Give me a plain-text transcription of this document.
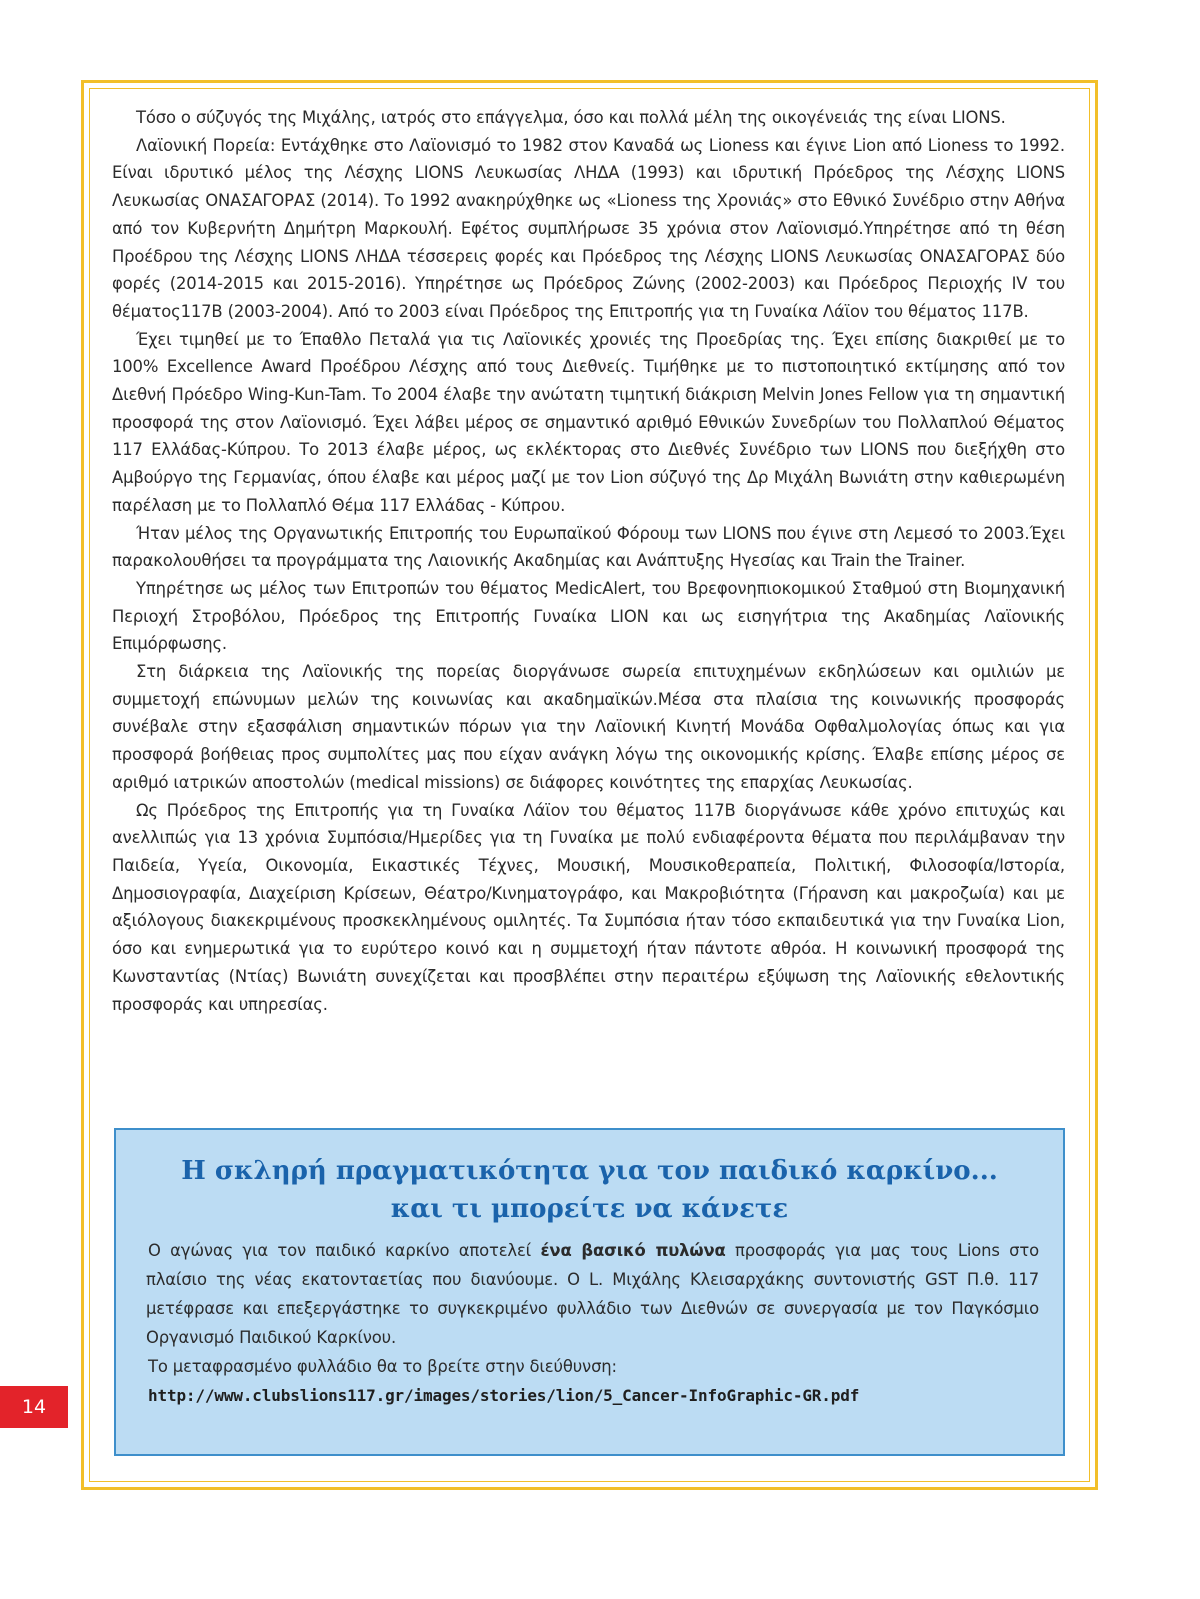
Τόσο ο σύζυγός της Μιχάλης, ιατρός στο επάγγελμα, όσο και πολλά μέλη της οικογένειάς της είναι LIONS.

Λαϊονική Πορεία: Εντάχθηκε στο Λαϊονισμό το 1982 στον Καναδά ως Lioness και έγινε Lion από Lioness το 1992. Είναι ιδρυτικό μέλος της Λέσχης LIONS Λευκωσίας ΛΗΔΑ (1993) και ιδρυτική Πρόεδρος της Λέσχης LIONS Λευκωσίας ΟΝΑΣΑΓΟΡΑΣ (2014). Το 1992 ανακηρύχθηκε ως «Lioness της Χρονιάς» στο Εθνικό Συνέδριο στην Αθήνα από τον Κυβερνήτη Δημήτρη Μαρκουλή. Εφέτος συμπλήρωσε 35 χρόνια στον Λαϊονισμό.Υπηρέτησε από τη θέση Προέδρου της Λέσχης LIONS ΛΗΔΑ τέσσερεις φορές και Πρόεδρος της Λέσχης LIONS Λευκωσίας ΟΝΑΣΑΓΟΡΑΣ δύο φορές (2014-2015 και 2015-2016). Υπηρέτησε ως Πρόεδρος Ζώνης (2002-2003) και Πρόεδρος Περιοχής IV του θέματος117Β (2003-2004). Από το 2003 είναι Πρόεδρος της Επιτροπής για τη Γυναίκα Λάϊον του θέματος 117Β.

Έχει τιμηθεί με το Έπαθλο Πεταλά για τις Λαϊονικές χρονιές της Προεδρίας της. Έχει επίσης διακριθεί με το 100% Excellence Award Προέδρου Λέσχης από τους Διεθνείς. Τιμήθηκε με το πιστοποιητικό εκτίμησης από τον Διεθνή Πρόεδρο Wing-Kun-Tam. Το 2004 έλαβε την ανώτατη τιμητική διάκριση Melvin Jones Fellow για τη σημαντική προσφορά της στον Λαϊονισμό. Έχει λάβει μέρος σε σημαντικό αριθμό Εθνικών Συνεδρίων του Πολλαπλού Θέματος 117 Ελλάδας-Κύπρου. Το 2013 έλαβε μέρος, ως εκλέκτορας στο Διεθνές Συνέδριο των LIONS που διεξήχθη στο Αμβούργο της Γερμανίας, όπου έλαβε και μέρος μαζί με τον Lion σύζυγό της Δρ Μιχάλη Βωνιάτη στην καθιερωμένη παρέλαση με το Πολλαπλό Θέμα 117 Ελλάδας - Κύπρου.

Ήταν μέλος της Οργανωτικής Επιτροπής του Ευρωπαϊκού Φόρουμ των LIONS που έγινε στη Λεμεσό το 2003.Έχει παρακολουθήσει τα προγράμματα της Λαιονικής Ακαδημίας και Ανάπτυξης Ηγεσίας και Train the Trainer.

Υπηρέτησε ως μέλος των Επιτροπών του θέματος MedicAlert, του Βρεφονηπιοκομικού Σταθμού στη Βιομηχανική Περιοχή Στροβόλου, Πρόεδρος της Επιτροπής Γυναίκα LION και ως εισηγήτρια της Ακαδημίας Λαϊονικής Επιμόρφωσης.

Στη διάρκεια της Λαϊονικής της πορείας διοργάνωσε σωρεία επιτυχημένων εκδηλώσεων και ομιλιών με συμμετοχή επώνυμων μελών της κοινωνίας και ακαδημαϊκών.Μέσα στα πλαίσια της κοινωνικής προσφοράς συνέβαλε στην εξασφάλιση σημαντικών πόρων για την Λαϊονική Κινητή Μονάδα Οφθαλμολογίας όπως και για προσφορά βοήθειας προς συμπολίτες μας που είχαν ανάγκη λόγω της οικονομικής κρίσης. Έλαβε επίσης μέρος σε αριθμό ιατρικών αποστολών (medical missions) σε διάφορες κοινότητες της επαρχίας Λευκωσίας.

Ως Πρόεδρος της Επιτροπής για τη Γυναίκα Λάϊον του θέματος 117Β διοργάνωσε κάθε χρόνο επιτυχώς και ανελλιπώς για 13 χρόνια Συμπόσια/Ημερίδες για τη Γυναίκα με πολύ ενδιαφέροντα θέματα που περιλάμβαναν την Παιδεία, Υγεία, Οικονομία, Εικαστικές Τέχνες, Μουσική, Μουσικοθεραπεία, Πολιτική, Φιλοσοφία/Ιστορία, Δημοσιογραφία, Διαχείριση Κρίσεων, Θέατρο/Κινηματογράφο, και Μακροβιότητα (Γήρανση και μακροζωία) και με αξιόλογους διακεκριμένους προσκεκλημένους ομιλητές. Τα Συμπόσια ήταν τόσο εκπαιδευτικά για την Γυναίκα Lion, όσο και ενημερωτικά για το ευρύτερο κοινό και η συμμετοχή ήταν πάντοτε αθρόα. Η κοινωνική προσφορά της Κωνσταντίας (Ντίας) Βωνιάτη συνεχίζεται και προσβλέπει στην περαιτέρω εξύψωση της Λαϊονικής εθελοντικής προσφοράς και υπηρεσίας.

Η σκληρή πραγματικότητα για τον παιδικό καρκίνο...
και τι μπορείτε να κάνετε

Ο αγώνας για τον παιδικό καρκίνο αποτελεί ένα βασικό πυλώνα προσφοράς για μας τους Lions στο πλαίσιο της νέας εκατονταετίας που διανύουμε. Ο L. Μιχάλης Κλεισαρχάκης συντονιστής GST Π.θ. 117 μετέφρασε και επεξεργάστηκε το συγκεκριμένο φυλλάδιο των Διεθνών σε συνεργασία με τον Παγκόσμιο Οργανισμό Παιδικού Καρκίνου.

Το μεταφρασμένο φυλλάδιο θα το βρείτε στην διεύθυνση:

http://www.clubslions117.gr/images/stories/lion/5_Cancer-InfoGraphic-GR.pdf

14
